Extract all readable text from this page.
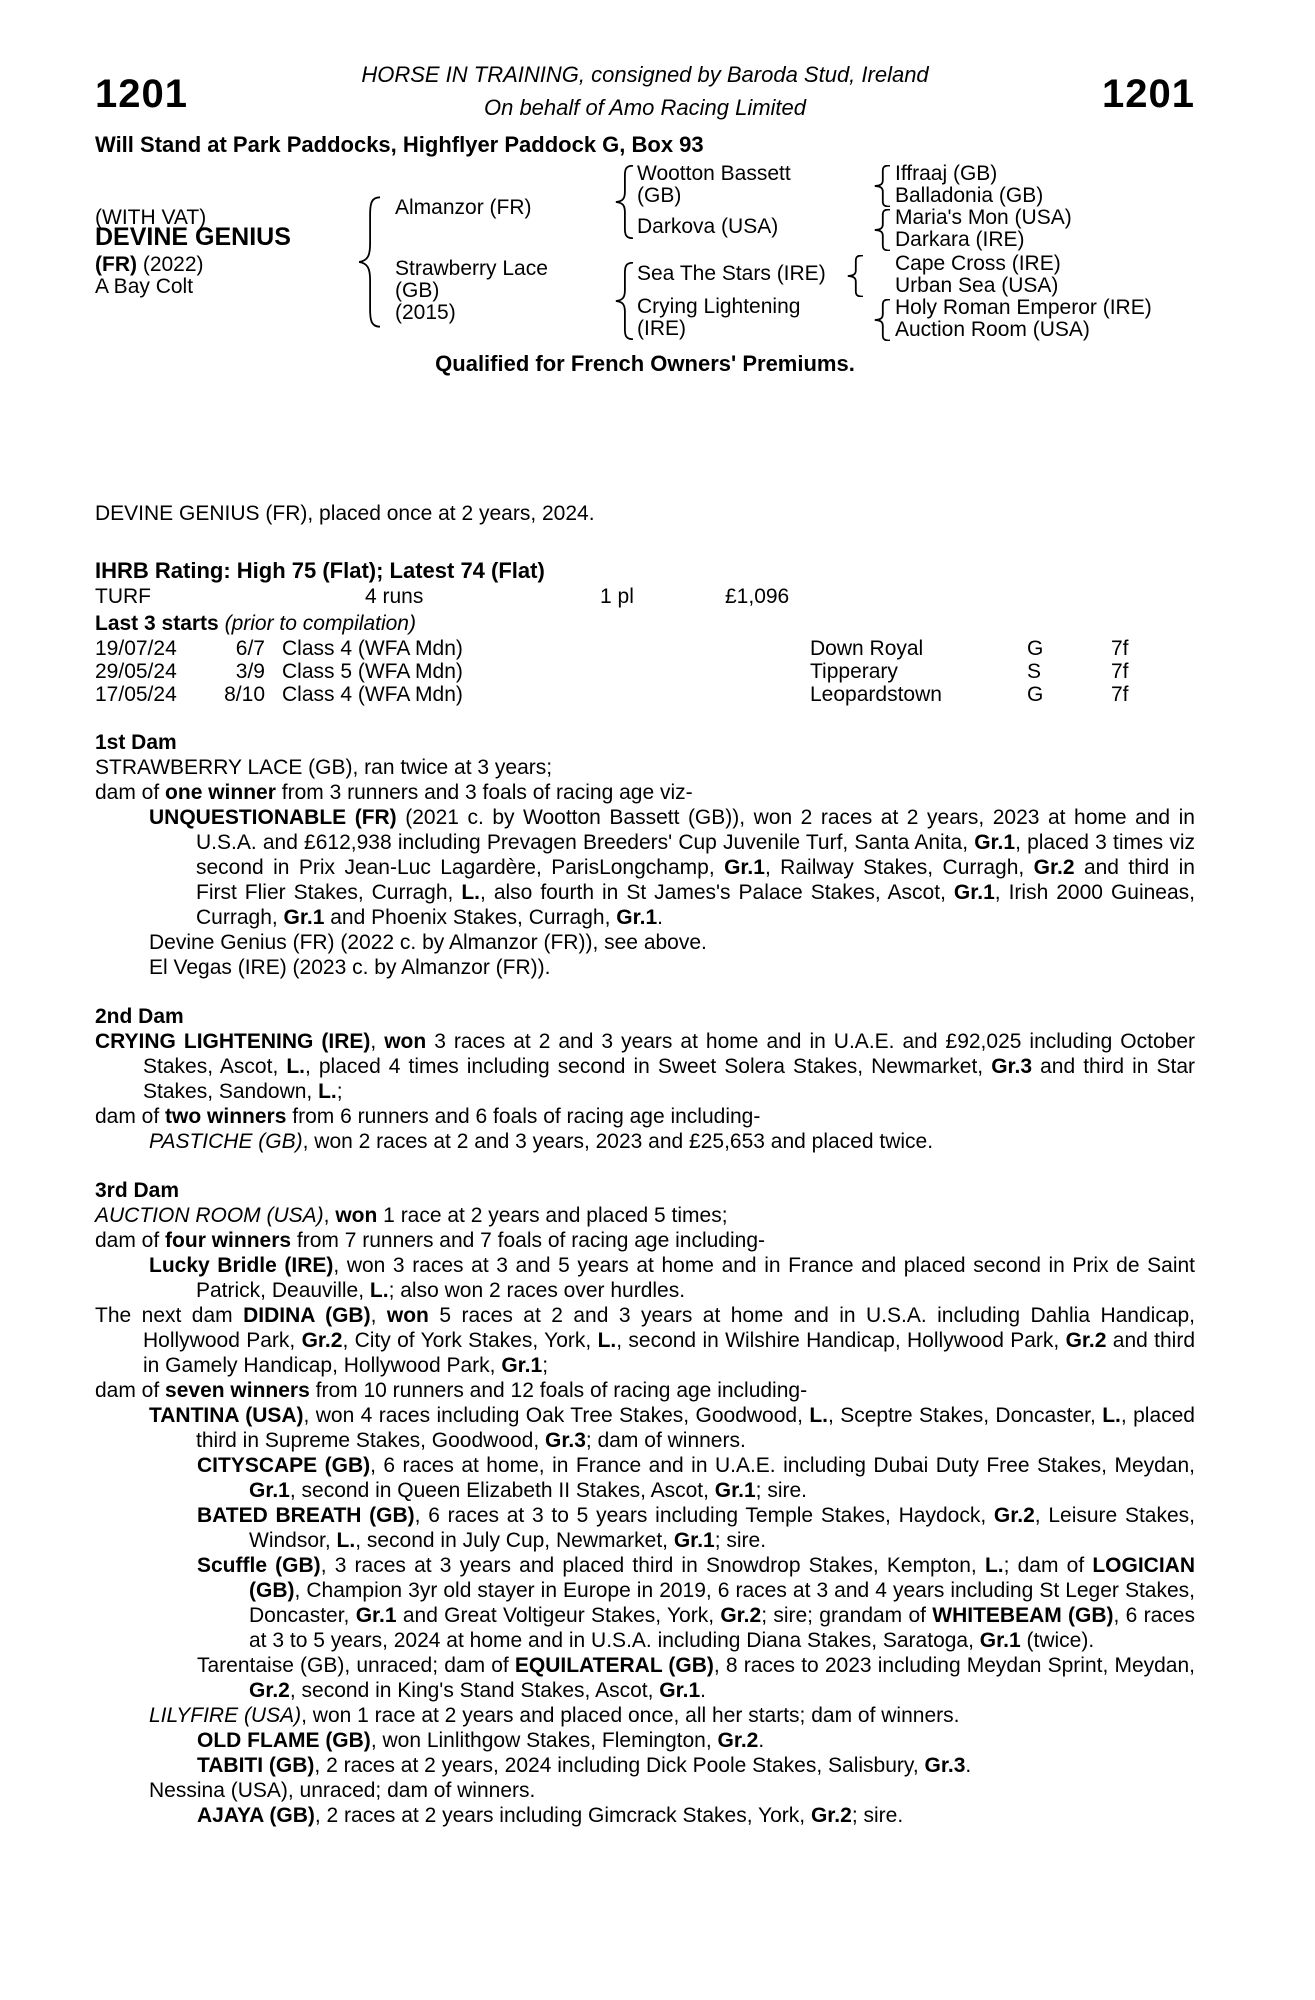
1201	HORSE IN TRAINING, consigned by Baroda Stud, Ireland
On behalf of Amo Racing Limited	1201
Will Stand at Park Paddocks, Highflyer Paddock G, Box 93
(WITH VAT)
DEVINE GENIUS
(FR) (2022)
A Bay Colt
Almanzor (FR)
Strawberry Lace
(GB)
(2015)
Wootton Bassett
(GB)
Darkova (USA)
Sea The Stars (IRE)
Crying Lightening
(IRE)
Iffraaj (GB)
Balladonia (GB)
Maria's Mon (USA)
Darkara (IRE)
Cape Cross (IRE)
Urban Sea (USA)
Holy Roman Emperor (IRE)
Auction Room (USA)
Qualified for French Owners' Premiums.

DEVINE GENIUS (FR), placed once at 2 years, 2024.

IHRB Rating: High 75 (Flat); Latest 74 (Flat)
TURF	4 runs	1 pl	£1,096
Last 3 starts (prior to compilation)
19/07/24	6/7 Class 4 (WFA Mdn)	Down Royal	G	7f
29/05/24	3/9 Class 5 (WFA Mdn)	Tipperary	S	7f
17/05/24	8/10 Class 4 (WFA Mdn)	Leopardstown	G	7f
1st Dam

STRAWBERRY LACE (GB), ran twice at 3 years;

dam of one winner from 3 runners and 3 foals of racing age viz-

UNQUESTIONABLE (FR) (2021 c. by Wootton Bassett (GB)), won 2 races at 2 years, 2023 at home and in U.S.A. and £612,938 including Prevagen Breeders' Cup Juvenile Turf, Santa Anita, Gr.1, placed 3 times viz second in Prix Jean-Luc Lagardère, ParisLongchamp, Gr.1, Railway Stakes, Curragh, Gr.2 and third in First Flier Stakes, Curragh, L., also fourth in St James's Palace Stakes, Ascot, Gr.1, Irish 2000 Guineas, Curragh, Gr.1 and Phoenix Stakes, Curragh, Gr.1.

Devine Genius (FR) (2022 c. by Almanzor (FR)), see above.

El Vegas (IRE) (2023 c. by Almanzor (FR)).

2nd Dam

CRYING LIGHTENING (IRE), won 3 races at 2 and 3 years at home and in U.A.E. and £92,025 including October Stakes, Ascot, L., placed 4 times including second in Sweet Solera Stakes, Newmarket, Gr.3 and third in Star Stakes, Sandown, L.;

dam of two winners from 6 runners and 6 foals of racing age including-

PASTICHE (GB), won 2 races at 2 and 3 years, 2023 and £25,653 and placed twice.

3rd Dam

AUCTION ROOM (USA), won 1 race at 2 years and placed 5 times;

dam of four winners from 7 runners and 7 foals of racing age including-

Lucky Bridle (IRE), won 3 races at 3 and 5 years at home and in France and placed second in Prix de Saint Patrick, Deauville, L.; also won 2 races over hurdles.

The next dam DIDINA (GB), won 5 races at 2 and 3 years at home and in U.S.A. including Dahlia Handicap, Hollywood Park, Gr.2, City of York Stakes, York, L., second in Wilshire Handicap, Hollywood Park, Gr.2 and third in Gamely Handicap, Hollywood Park, Gr.1;

dam of seven winners from 10 runners and 12 foals of racing age including-

TANTINA (USA), won 4 races including Oak Tree Stakes, Goodwood, L., Sceptre Stakes, Doncaster, L., placed third in Supreme Stakes, Goodwood, Gr.3; dam of winners.

CITYSCAPE (GB), 6 races at home, in France and in U.A.E. including Dubai Duty Free Stakes, Meydan, Gr.1, second in Queen Elizabeth II Stakes, Ascot, Gr.1; sire.

BATED BREATH (GB), 6 races at 3 to 5 years including Temple Stakes, Haydock, Gr.2, Leisure Stakes, Windsor, L., second in July Cup, Newmarket, Gr.1; sire.

Scuffle (GB), 3 races at 3 years and placed third in Snowdrop Stakes, Kempton, L.; dam of LOGICIAN (GB), Champion 3yr old stayer in Europe in 2019, 6 races at 3 and 4 years including St Leger Stakes, Doncaster, Gr.1 and Great Voltigeur Stakes, York, Gr.2; sire; grandam of WHITEBEAM (GB), 6 races at 3 to 5 years, 2024 at home and in U.S.A. including Diana Stakes, Saratoga, Gr.1 (twice).

Tarentaise (GB), unraced; dam of EQUILATERAL (GB), 8 races to 2023 including Meydan Sprint, Meydan, Gr.2, second in King's Stand Stakes, Ascot, Gr.1.

LILYFIRE (USA), won 1 race at 2 years and placed once, all her starts; dam of winners.

OLD FLAME (GB), won Linlithgow Stakes, Flemington, Gr.2.

TABITI (GB), 2 races at 2 years, 2024 including Dick Poole Stakes, Salisbury, Gr.3.

Nessina (USA), unraced; dam of winners.

AJAYA (GB), 2 races at 2 years including Gimcrack Stakes, York, Gr.2; sire.
